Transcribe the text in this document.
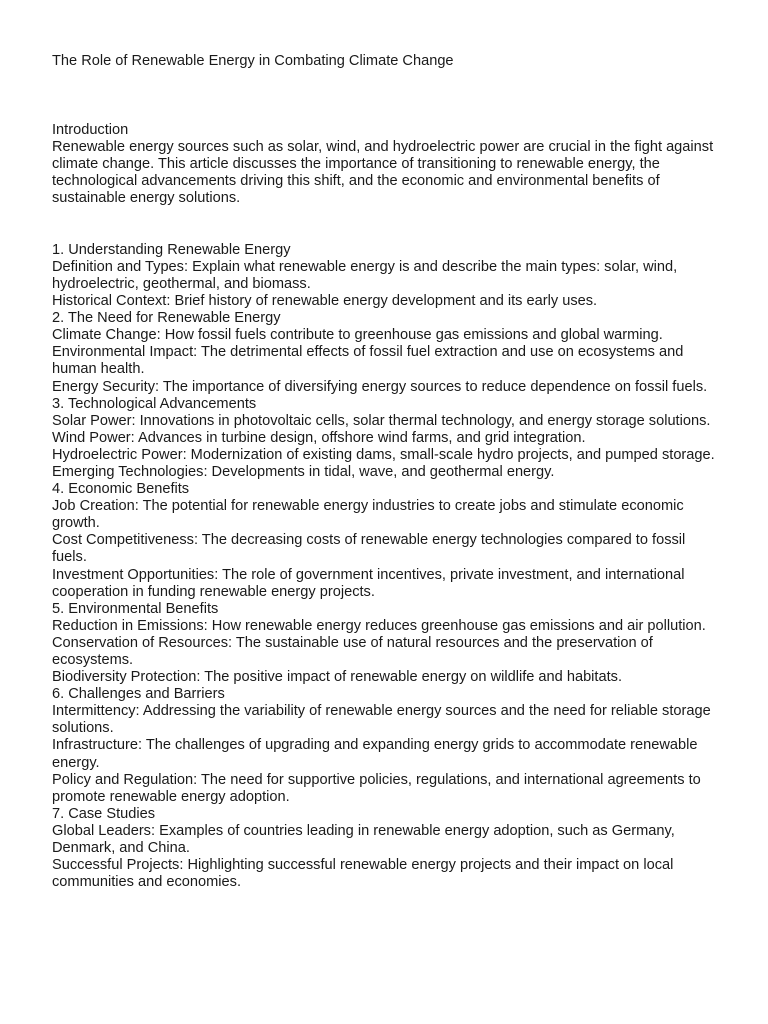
The Role of Renewable Energy in Combating Climate Change
Introduction
Renewable energy sources such as solar, wind, and hydroelectric power are crucial in the fight against climate change. This article discusses the importance of transitioning to renewable energy, the technological advancements driving this shift, and the economic and environmental benefits of sustainable energy solutions.
1. Understanding Renewable Energy
Definition and Types: Explain what renewable energy is and describe the main types: solar, wind, hydroelectric, geothermal, and biomass.
Historical Context: Brief history of renewable energy development and its early uses.
2. The Need for Renewable Energy
Climate Change: How fossil fuels contribute to greenhouse gas emissions and global warming.
Environmental Impact: The detrimental effects of fossil fuel extraction and use on ecosystems and human health.
Energy Security: The importance of diversifying energy sources to reduce dependence on fossil fuels.
3. Technological Advancements
Solar Power: Innovations in photovoltaic cells, solar thermal technology, and energy storage solutions.
Wind Power: Advances in turbine design, offshore wind farms, and grid integration.
Hydroelectric Power: Modernization of existing dams, small-scale hydro projects, and pumped storage.
Emerging Technologies: Developments in tidal, wave, and geothermal energy.
4. Economic Benefits
Job Creation: The potential for renewable energy industries to create jobs and stimulate economic growth.
Cost Competitiveness: The decreasing costs of renewable energy technologies compared to fossil fuels.
Investment Opportunities: The role of government incentives, private investment, and international cooperation in funding renewable energy projects.
5. Environmental Benefits
Reduction in Emissions: How renewable energy reduces greenhouse gas emissions and air pollution.
Conservation of Resources: The sustainable use of natural resources and the preservation of ecosystems.
Biodiversity Protection: The positive impact of renewable energy on wildlife and habitats.
6. Challenges and Barriers
Intermittency: Addressing the variability of renewable energy sources and the need for reliable storage solutions.
Infrastructure: The challenges of upgrading and expanding energy grids to accommodate renewable energy.
Policy and Regulation: The need for supportive policies, regulations, and international agreements to promote renewable energy adoption.
7. Case Studies
Global Leaders: Examples of countries leading in renewable energy adoption, such as Germany, Denmark, and China.
Successful Projects: Highlighting successful renewable energy projects and their impact on local communities and economies.
